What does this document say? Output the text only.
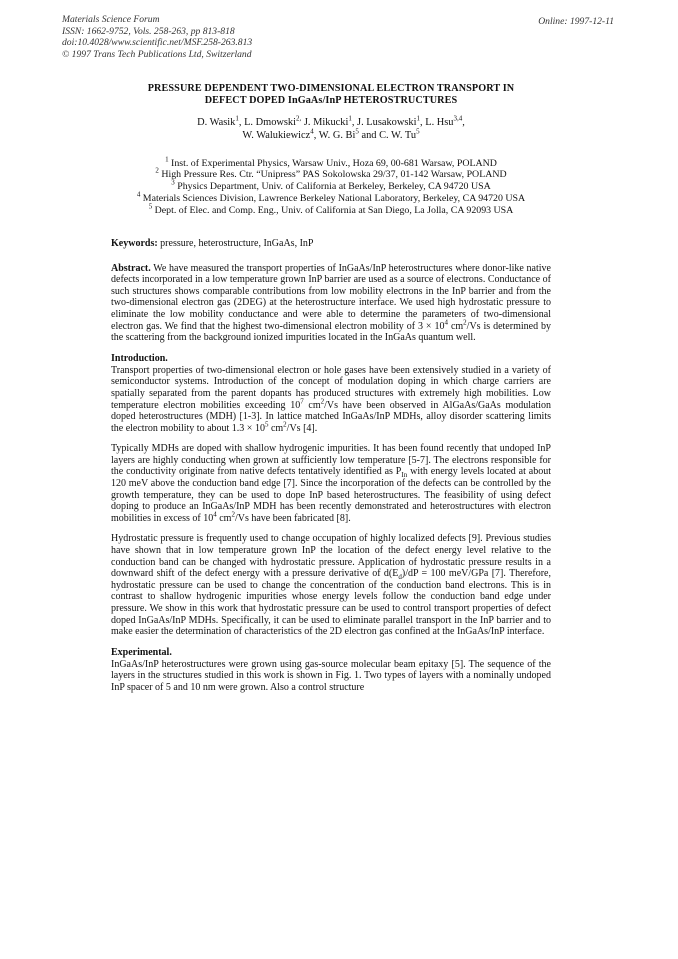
Materials Science Forum
ISSN: 1662-9752, Vols. 258-263, pp 813-818
doi:10.4028/www.scientific.net/MSF.258-263.813
© 1997 Trans Tech Publications Ltd, Switzerland
Online: 1997-12-11
PRESSURE DEPENDENT TWO-DIMENSIONAL ELECTRON TRANSPORT IN
DEFECT DOPED InGaAs/InP HETEROSTRUCTURES
D. Wasik$^1$, L. Dmowski$^{2,}$ J. Mikucki$^1$, J. Lusakowski$^1$, L. Hsu$^{3,4}$,
W. Walukiewicz$^4$, W. G. Bi$^5$ and C. W. Tu$^5$
$^1$ Inst. of Experimental Physics, Warsaw Univ., Hoza 69, 00-681 Warsaw, POLAND
$^2$ High Pressure Res. Ctr. “Unipress” PAS Sokolowska 29/37, 01-142 Warsaw, POLAND
$^3$ Physics Department, Univ. of California at Berkeley, Berkeley, CA 94720 USA
$^4$ Materials Sciences Division, Lawrence Berkeley National Laboratory, Berkeley, CA 94720 USA
$^5$ Dept. of Elec. and Comp. Eng., Univ. of California at San Diego, La Jolla, CA 92093 USA
Keywords: pressure, heterostructure, InGaAs, InP
Abstract. We have measured the transport properties of InGaAs/InP heterostructures where donor-like native defects incorporated in a low temperature grown InP barrier are used as a source of electrons. Conductance of such structures shows comparable contributions from low mobility electrons in the InP barrier and from the two-dimensional electron gas (2DEG) at the heterostructure interface. We used high hydrostatic pressure to eliminate the low mobility conductance and were able to determine the parameters of two-dimensional electron gas. We find that the highest two-dimensional electron mobility of $3 \times 10^4$ $cm^2/Vs$ is determined by the scattering from the background ionized impurities located in the InGaAs quantum well.
Introduction.

Transport properties of two-dimensional electron or hole gases have been extensively studied in a variety of semiconductor systems. Introduction of the concept of modulation doping in which charge carriers are spatially separated from the parent dopants has produced structures with extremely high mobilities. Low temperature electron mobilities exceeding $10^7$ $cm^2/Vs$ have been observed in AlGaAs/GaAs modulation doped heterostructures (MDH) [1-3]. In lattice matched InGaAs/InP MDHs, alloy disorder scattering limits the electron mobility to about $1.3 \times 10^5$ $cm^2/Vs$ [4].

Typically MDHs are doped with shallow hydrogenic impurities. It has been found recently that undoped InP layers are highly conducting when grown at sufficiently low temperature [5-7]. The electrons responsible for the conductivity originate from native defects tentatively identified as $P_{In}$ with energy levels located at about 120 meV above the conduction band edge [7]. Since the incorporation of the defects can be controlled by the growth temperature, they can be used to dope InP based heterostructures. The feasibility of using defect doping to produce an InGaAs/InP MDH has been recently demonstrated and heterostructures with electron mobilities in excess of $10^4$ $cm^2/Vs$ have been fabricated [8].

Hydrostatic pressure is frequently used to change occupation of highly localized defects [9]. Previous studies have shown that in low temperature grown InP the location of the defect energy level relative to the conduction band can be changed with hydrostatic pressure. Application of hydrostatic pressure results in a downward shift of the defect energy with a pressure derivative of $d(E_d)/dP = 100$ meV/GPa [7]. Therefore, hydrostatic pressure can be used to change the concentration of the conduction band electrons. This is in contrast to shallow hydrogenic impurities whose energy levels follow the conduction band edge under pressure. We show in this work that hydrostatic pressure can be used to control transport properties of defect doped InGaAs/InP MDHs. Specifically, it can be used to eliminate parallel transport in the InP barrier and to make easier the determination of characteristics of the 2D electron gas confined at the InGaAs/InP interface.

Experimental.

InGaAs/InP heterostructures were grown using gas-source molecular beam epitaxy [5]. The sequence of the layers in the structures studied in this work is shown in Fig. 1. Two types of layers with a nominally undoped InP spacer of 5 and 10 nm were grown. Also a control structure
